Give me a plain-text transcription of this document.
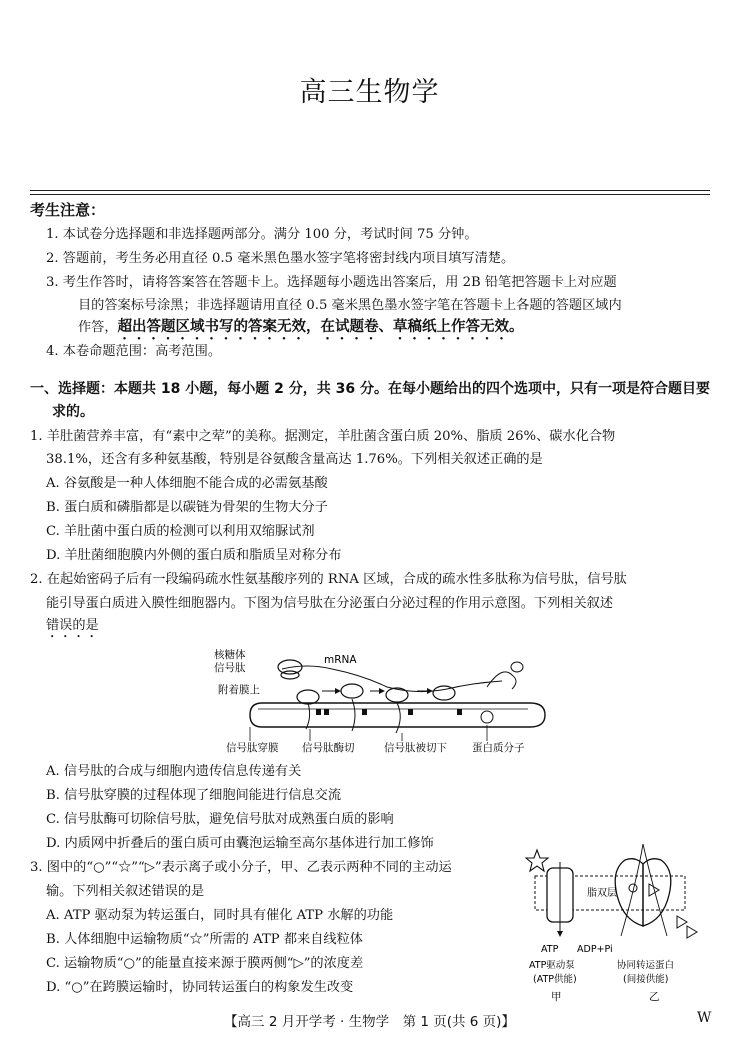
高三生物学
考生注意：
1. 本试卷分选择题和非选择题两部分。满分 100 分，考试时间 75 分钟。
2. 答题前，考生务必用直径 0.5 毫米黑色墨水签字笔将密封线内项目填写清楚。
3. 考生作答时，请将答案答在答题卡上。选择题每小题选出答案后，用 2B 铅笔把答题卡上对应题
目的答案标号涂黑；非选择题请用直径 0.5 毫米黑色墨水签字笔在答题卡上各题的答题区域内
作答，超出答题区域书写的答案无效，在试题卷、草稿纸上作答无效。
4. 本卷命题范围：高考范围。
一、选择题：本题共 18 小题，每小题 2 分，共 36 分。在每小题给出的四个选项中，只有一项是符合题目要
求的。
1. 羊肚菌营养丰富，有“素中之荤”的美称。据测定，羊肚菌含蛋白质 20%、脂质 26%、碳水化合物
38.1%，还含有多种氨基酸，特别是谷氨酸含量高达 1.76%。下列相关叙述正确的是
A. 谷氨酸是一种人体细胞不能合成的必需氨基酸
B. 蛋白质和磷脂都是以碳链为骨架的生物大分子
C. 羊肚菌中蛋白质的检测可以利用双缩脲试剂
D. 羊肚菌细胞膜内外侧的蛋白质和脂质呈对称分布
2. 在起始密码子后有一段编码疏水性氨基酸序列的 RNA 区域，合成的疏水性多肽称为信号肽，信号肽
能引导蛋白质进入膜性细胞器内。下图为信号肽在分泌蛋白分泌过程的作用示意图。下列相关叙述
错误的是
核糖体
信号肽
mRNA
附着膜上
信号肽穿膜 信号肽酶切	信号肽被切下 蛋白质分子
A. 信号肽的合成与细胞内遗传信息传递有关
B. 信号肽穿膜的过程体现了细胞间能进行信息交流
C. 信号肽酶可切除信号肽，避免信号肽对成熟蛋白质的影响
D. 内质网中折叠后的蛋白质可由囊泡运输至高尔基体进行加工修饰
3. 图中的“○”“☆”“▷”表示离子或小分子，甲、乙表示两种不同的主动运
输。下列相关叙述错误的是
A. ATP 驱动泵为转运蛋白，同时具有催化 ATP 水解的功能
B. 人体细胞中运输物质“☆”所需的 ATP 都来自线粒体
C. 运输物质“○”的能量直接来源于膜两侧“▷”的浓度差
D. “○”在跨膜运输时，协同转运蛋白的构象发生改变
脂双层
ATP ADP+Pi
ATP驱动泵
(ATP供能)
协同转运蛋白
(间接供能)
甲	乙
【高三 2 月开学考 · 生物学　第 1 页(共 6 页)】	W
